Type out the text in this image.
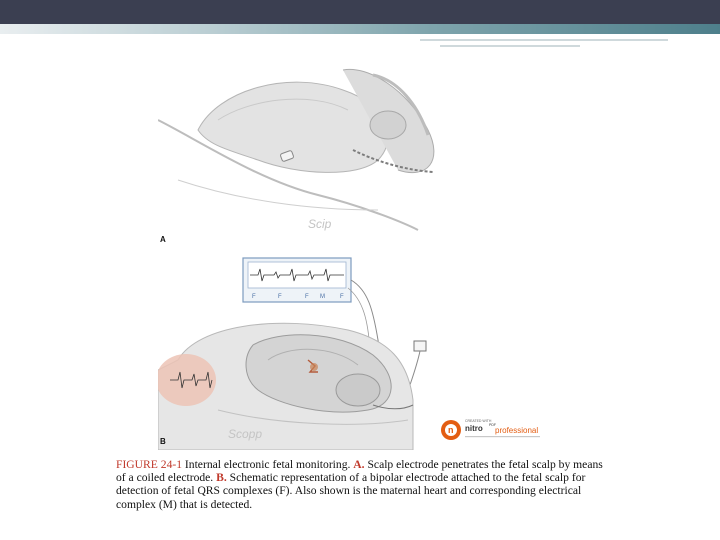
Scip
A
F	F	F M	F
Scopp
B
n
CREATED WITH
nitro PDF
professional
FIGURE 24-1 Internal electronic fetal monitoring. A. Scalp electrode penetrates the fetal scalp by means of a coiled electrode. B. Schematic representation of a bipolar electrode attached to the fetal scalp for detection of fetal QRS complexes (F). Also shown is the maternal heart and corresponding electrical complex (M) that is detected.
